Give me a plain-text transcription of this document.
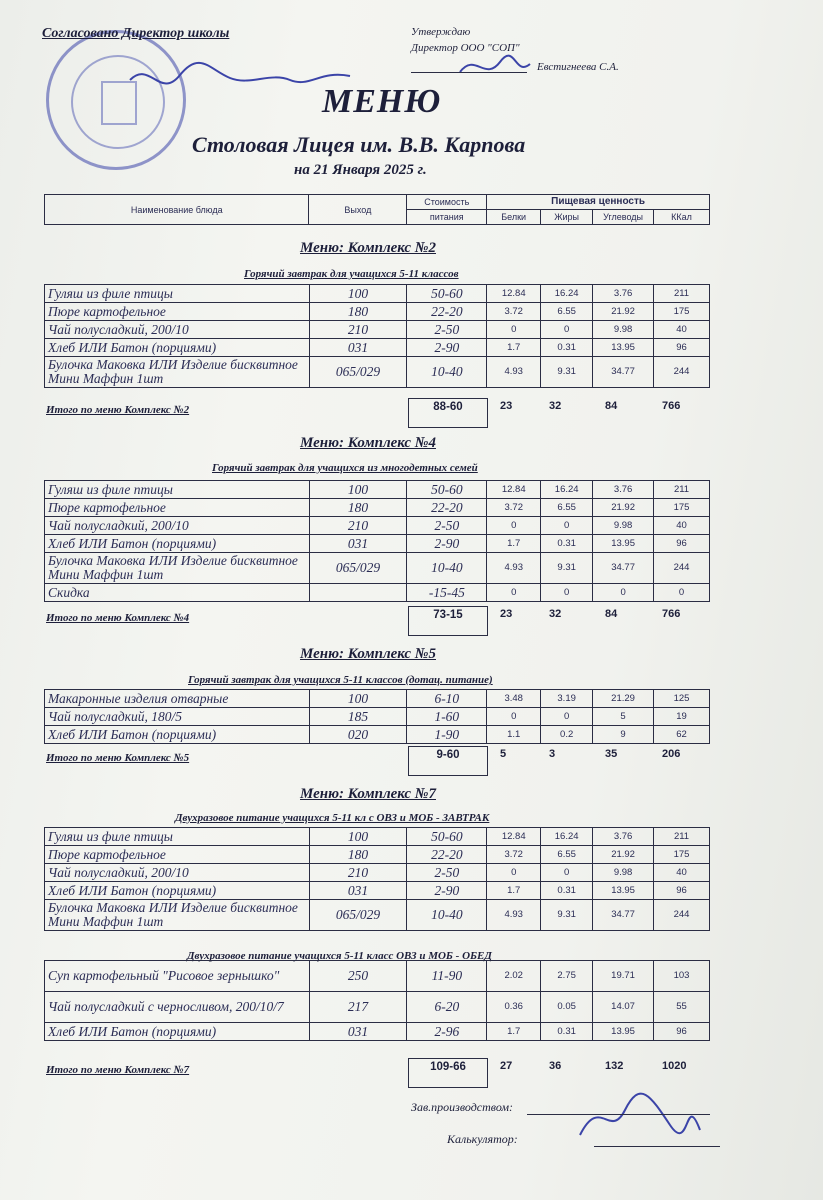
Согласовано Директор школы	Утверждаю
Директор ООО "СОП"
Евстигнеева С.А.
МЕНЮ
Столовая Лицея им. В.В. Карпова
на 21 Января 2025 г.
Наименование блюда	Выход	Стоимость	Пищевая ценность			
		питания	Белки	Жиры	Углеводы	ККал
Меню: Комплекс №2
Горячий завтрак для учащихся 5-11 классов
Гуляш из филе птицы	100	50-60	12.84	16.24	3.76	211
Пюре картофельное	180	22-20	3.72	6.55	21.92	175
Чай полусладкий, 200/10	210	2-50	0	0	9.98	40
Хлеб ИЛИ Батон (порциями)	031	2-90	1.7	0.31	13.95	96
Булочка Маковка ИЛИ Изделие бисквитное Мини Маффин 1шт	065/029	10-40	4.93	9.31	34.77	244
Итого по меню Комплекс №2	88-60	23	32	84	766
Меню: Комплекс №4
Горячий завтрак для учащихся из многодетных семей
Гуляш из филе птицы	100	50-60	12.84	16.24	3.76	211
Пюре картофельное	180	22-20	3.72	6.55	21.92	175
Чай полусладкий, 200/10	210	2-50	0	0	9.98	40
Хлеб ИЛИ Батон (порциями)	031	2-90	1.7	0.31	13.95	96
Булочка Маковка ИЛИ Изделие бисквитное Мини Маффин 1шт	065/029	10-40	4.93	9.31	34.77	244
Скидка		-15-45	0	0	0	0
Итого по меню Комплекс №4	73-15	23	32	84	766
Меню: Комплекс №5
Горячий завтрак для учащихся 5-11 классов (дотац. питание)
Макаронные изделия отварные	100	6-10	3.48	3.19	21.29	125
Чай полусладкий, 180/5	185	1-60	0	0	5	19
Хлеб ИЛИ Батон (порциями)	020	1-90	1.1	0.2	9	62
Итого по меню Комплекс №5	9-60	5	3	35	206
Меню: Комплекс №7
Двухразовое питание учащихся 5-11 кл с ОВЗ и МОБ - ЗАВТРАК
Гуляш из филе птицы	100	50-60	12.84	16.24	3.76	211
Пюре картофельное	180	22-20	3.72	6.55	21.92	175
Чай полусладкий, 200/10	210	2-50	0	0	9.98	40
Хлеб ИЛИ Батон (порциями)	031	2-90	1.7	0.31	13.95	96
Булочка Маковка ИЛИ Изделие бисквитное Мини Маффин 1шт	065/029	10-40	4.93	9.31	34.77	244
Двухразовое питание учащихся 5-11 класс ОВЗ и МОБ - ОБЕД
Суп картофельный "Рисовое зернышко"	250	11-90	2.02	2.75	19.71	103
Чай полусладкий с черносливом, 200/10/7	217	6-20	0.36	0.05	14.07	55
Хлеб ИЛИ Батон (порциями)	031	2-96	1.7	0.31	13.95	96
Итого по меню Комплекс №7	109-66	27	36	132	1020
Зав.производством:
Калькулятор:
